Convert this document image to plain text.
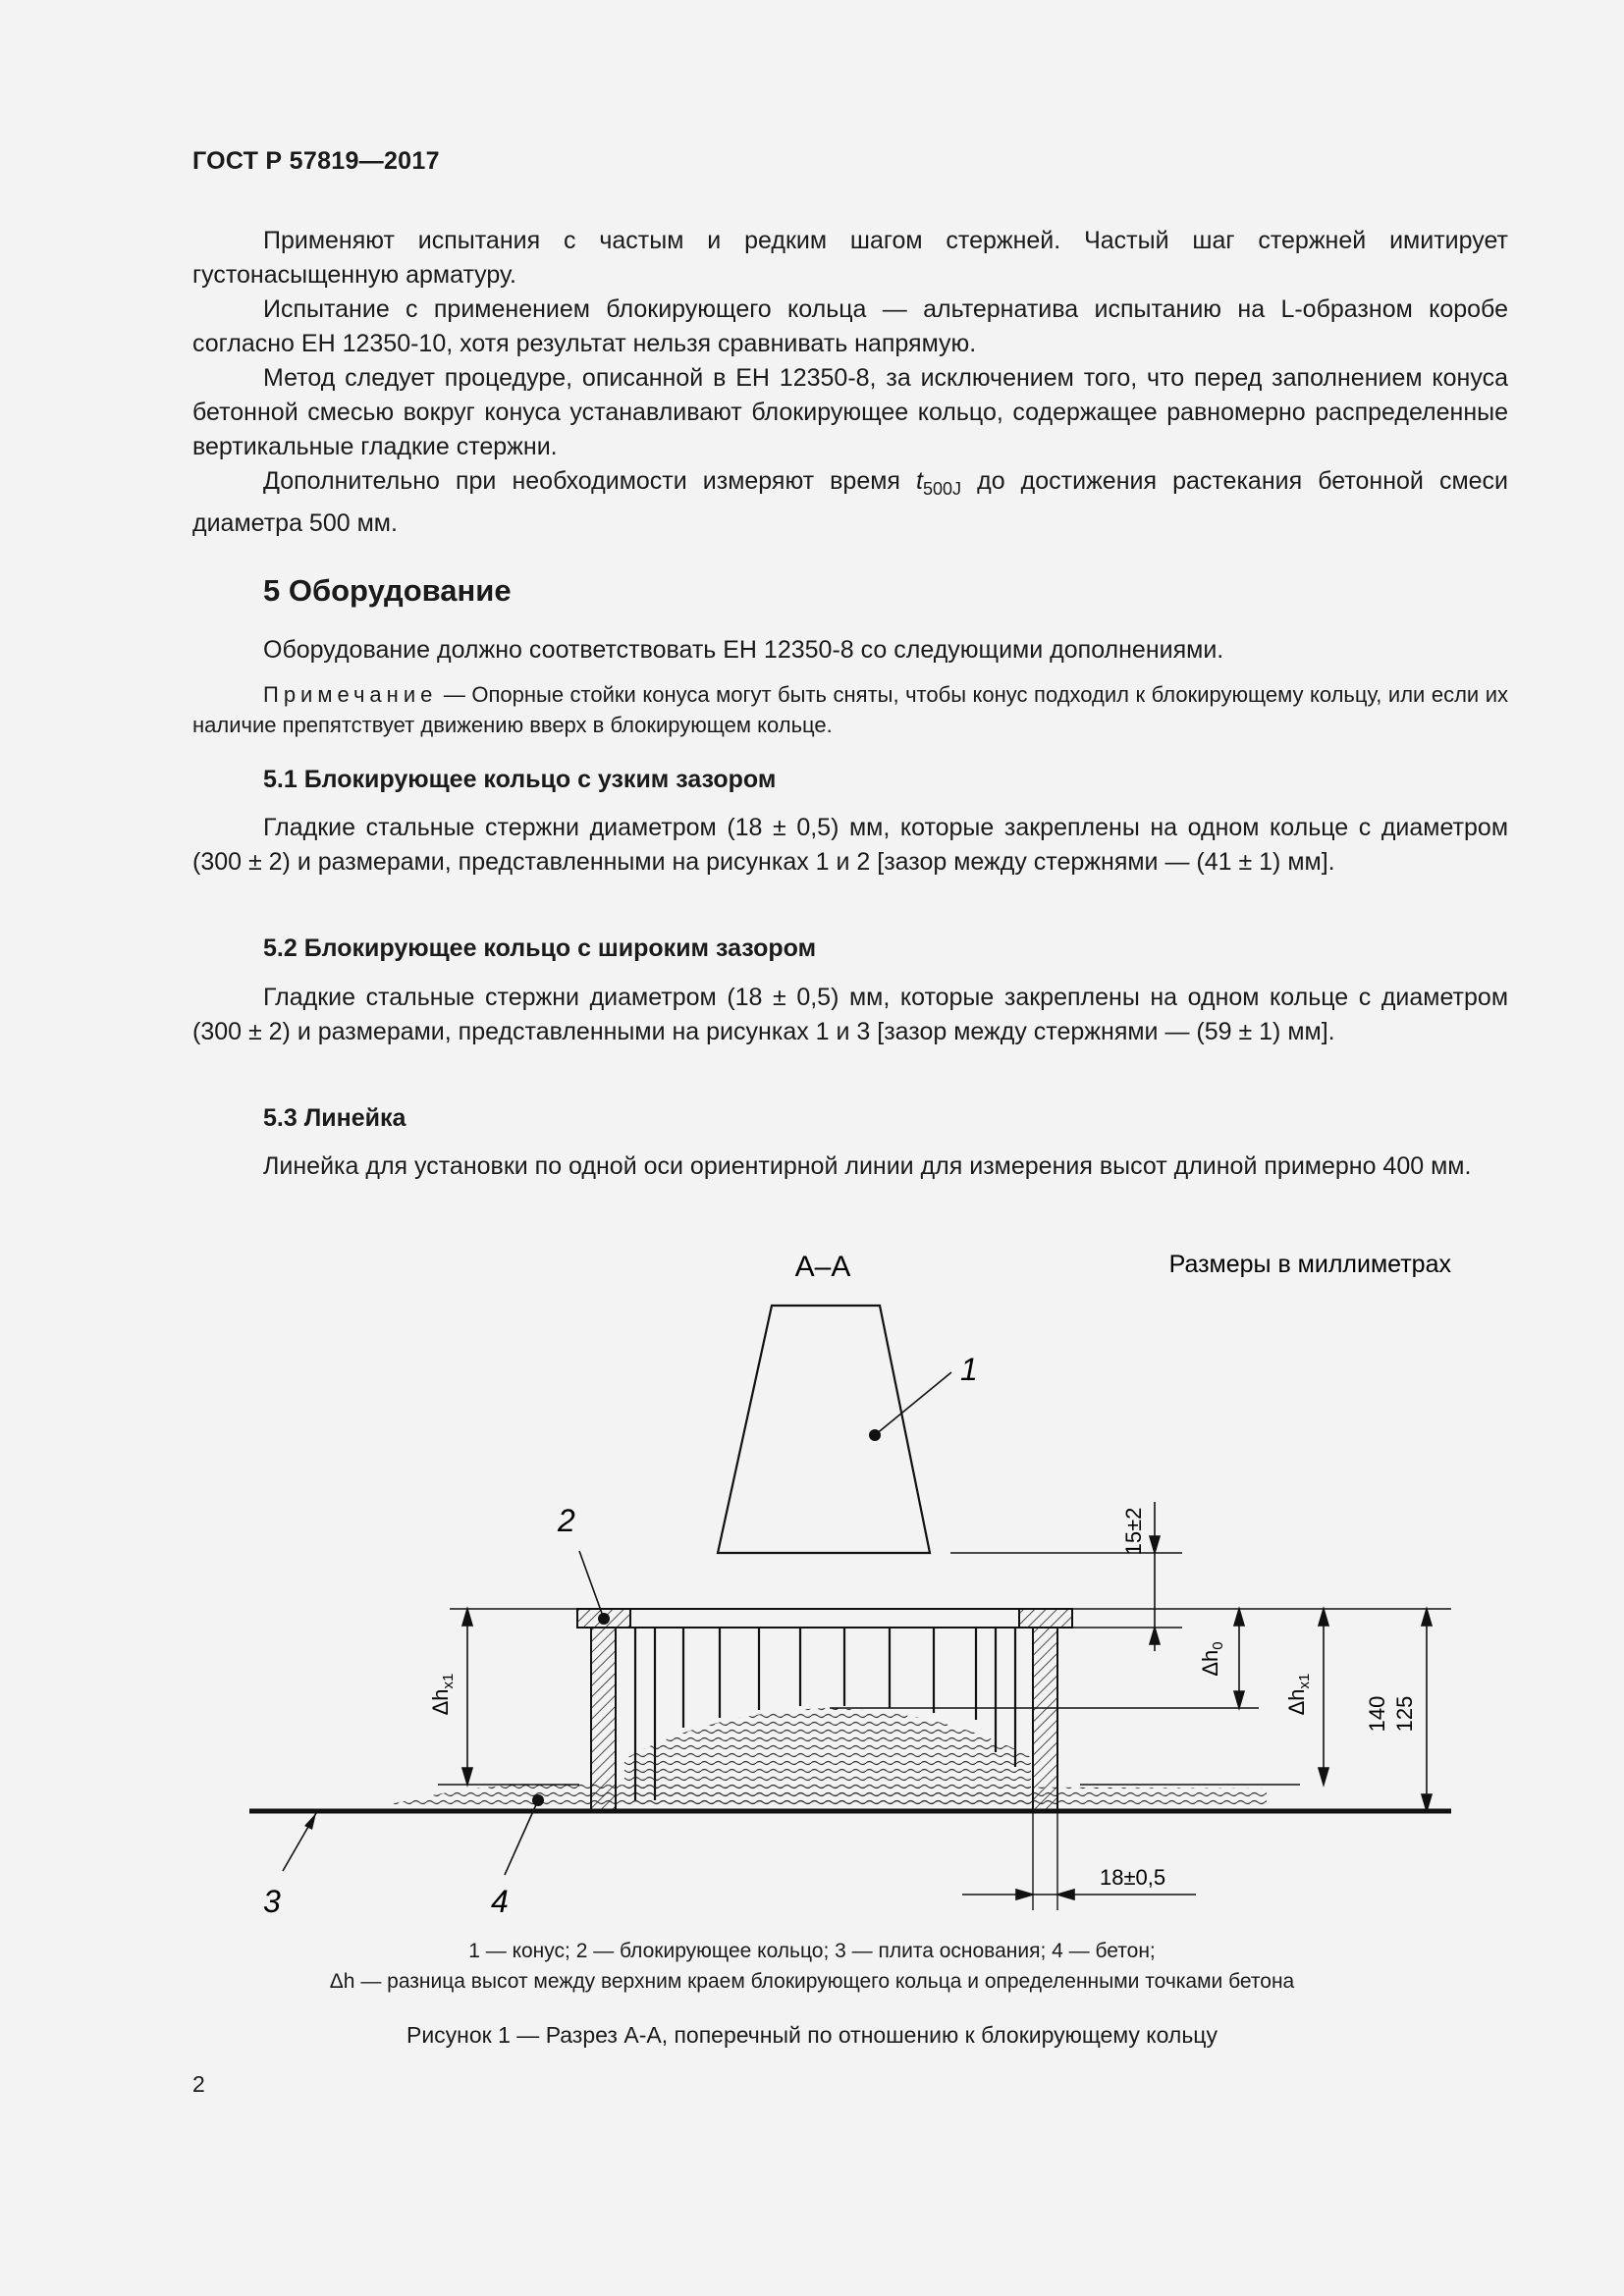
ГОСТ Р 57819—2017

Применяют испытания с частым и редким шагом стержней. Частый шаг стержней имитирует густонасыщенную арматуру.

Испытание с применением блокирующего кольца — альтернатива испытанию на L-образном коробе согласно ЕН 12350-10, хотя результат нельзя сравнивать напрямую.

Метод следует процедуре, описанной в ЕН 12350-8, за исключением того, что перед заполнением конуса бетонной смесью вокруг конуса устанавливают блокирующее кольцо, содержащее равномерно распределенные вертикальные гладкие стержни.

Дополнительно при необходимости измеряют время $t_{500J}$ до достижения растекания бетонной смеси диаметра 500 мм.

5 Оборудование

Оборудование должно соответствовать ЕН 12350-8 со следующими дополнениями.

Примечание — Опорные стойки конуса могут быть сняты, чтобы конус подходил к блокирующему кольцу, или если их наличие препятствует движению вверх в блокирующем кольце.

5.1 Блокирующее кольцо с узким зазором

Гладкие стальные стержни диаметром (18 ± 0,5) мм, которые закреплены на одном кольце с диаметром (300 ± 2) и размерами, представленными на рисунках 1 и 2 [зазор между стержнями — (41 ± 1) мм].

5.2 Блокирующее кольцо с широким зазором

Гладкие стальные стержни диаметром (18 ± 0,5) мм, которые закреплены на одном кольце с диаметром (300 ± 2) и размерами, представленными на рисунках 1 и 3 [зазор между стержнями — (59 ± 1) мм].

5.3 Линейка

Линейка для установки по одной оси ориентирной линии для измерения высот длиной примерно 400 мм.

А–А	Размеры в миллиметрах
1
$\Delta h_{x1}$
15±2
$\Delta h_0$
$\Delta h_{x1}$
140 125
18±0,5
2
3	4
1 — конус; 2 — блокирующее кольцо; 3 — плита основания; 4 — бетон;
Δh — разница высот между верхним краем блокирующего кольца и определенными точками бетона
Рисунок 1 — Разрез А-А, поперечный по отношению к блокирующему кольцу
2
